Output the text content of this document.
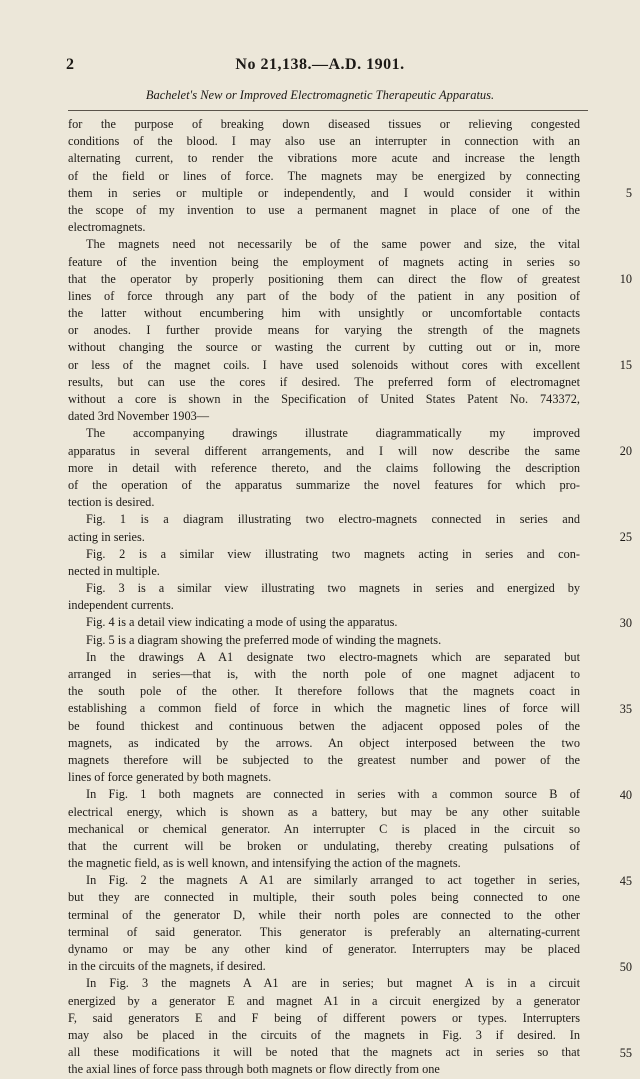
2	No 21,138.—A.D. 1901.
Bachelet's New or Improved Electromagnetic Therapeutic Apparatus.
for the purpose of breaking down diseased tissues or relieving congested
conditions of the blood. I may also use an interrupter in connection with an
alternating current, to render the vibrations more acute and increase the length
of the field or lines of force. The magnets may be energized by connecting
them in series or multiple or independently, and I would consider it within
the scope of my invention to use a permanent magnet in place of one of the
electromagnets.
The magnets need not necessarily be of the same power and size, the vital
feature of the invention being the employment of magnets acting in series so
that the operator by properly positioning them can direct the flow of greatest
lines of force through any part of the body of the patient in any position of
the latter without encumbering him with unsightly or uncomfortable contacts
or anodes. I further provide means for varying the strength of the magnets
without changing the source or wasting the current by cutting out or in, more
or less of the magnet coils. I have used solenoids without cores with excellent
results, but can use the cores if desired. The preferred form of electromagnet
without a core is shown in the Specification of United States Patent No. 743372,
dated 3rd November 1903—
The accompanying drawings illustrate diagrammatically my improved
apparatus in several different arrangements, and I will now describe the same
more in detail with reference thereto, and the claims following the description
of the operation of the apparatus summarize the novel features for which pro-
tection is desired.
Fig. 1 is a diagram illustrating two electro-magnets connected in series and
acting in series.
Fig. 2 is a similar view illustrating two magnets acting in series and con-
nected in multiple.
Fig. 3 is a similar view illustrating two magnets in series and energized by
independent currents.
Fig. 4 is a detail view indicating a mode of using the apparatus.
Fig. 5 is a diagram showing the preferred mode of winding the magnets.
In the drawings A A1 designate two electro-magnets which are separated but
arranged in series—that is, with the north pole of one magnet adjacent to
the south pole of the other. It therefore follows that the magnets coact in
establishing a common field of force in which the magnetic lines of force will
be found thickest and continuous betwen the adjacent opposed poles of the
magnets, as indicated by the arrows. An object interposed between the two
magnets therefore will be subjected to the greatest number and power of the
lines of force generated by both magnets.
In Fig. 1 both magnets are connected in series with a common source B of
electrical energy, which is shown as a battery, but may be any other suitable
mechanical or chemical generator. An interrupter C is placed in the circuit so
that the current will be broken or undulating, thereby creating pulsations of
the magnetic field, as is well known, and intensifying the action of the magnets.
In Fig. 2 the magnets A A1 are similarly arranged to act together in series,
but they are connected in multiple, their south poles being connected to one
terminal of the generator D, while their north poles are connected to the other
terminal of said generator. This generator is preferably an alternating-current
dynamo or may be any other kind of generator. Interrupters may be placed
in the circuits of the magnets, if desired.
In Fig. 3 the magnets A A1 are in series; but magnet A is in a circuit
energized by a generator E and magnet A1 in a circuit energized by a generator
F, said generators E and F being of different powers or types. Interrupters
may also be placed in the circuits of the magnets in Fig. 3 if desired. In
all these modifications it will be noted that the magnets act in series so that
the axial lines of force pass through both magnets or flow directly from one
5
10
15
20
25
30
35
40
45
50
55
